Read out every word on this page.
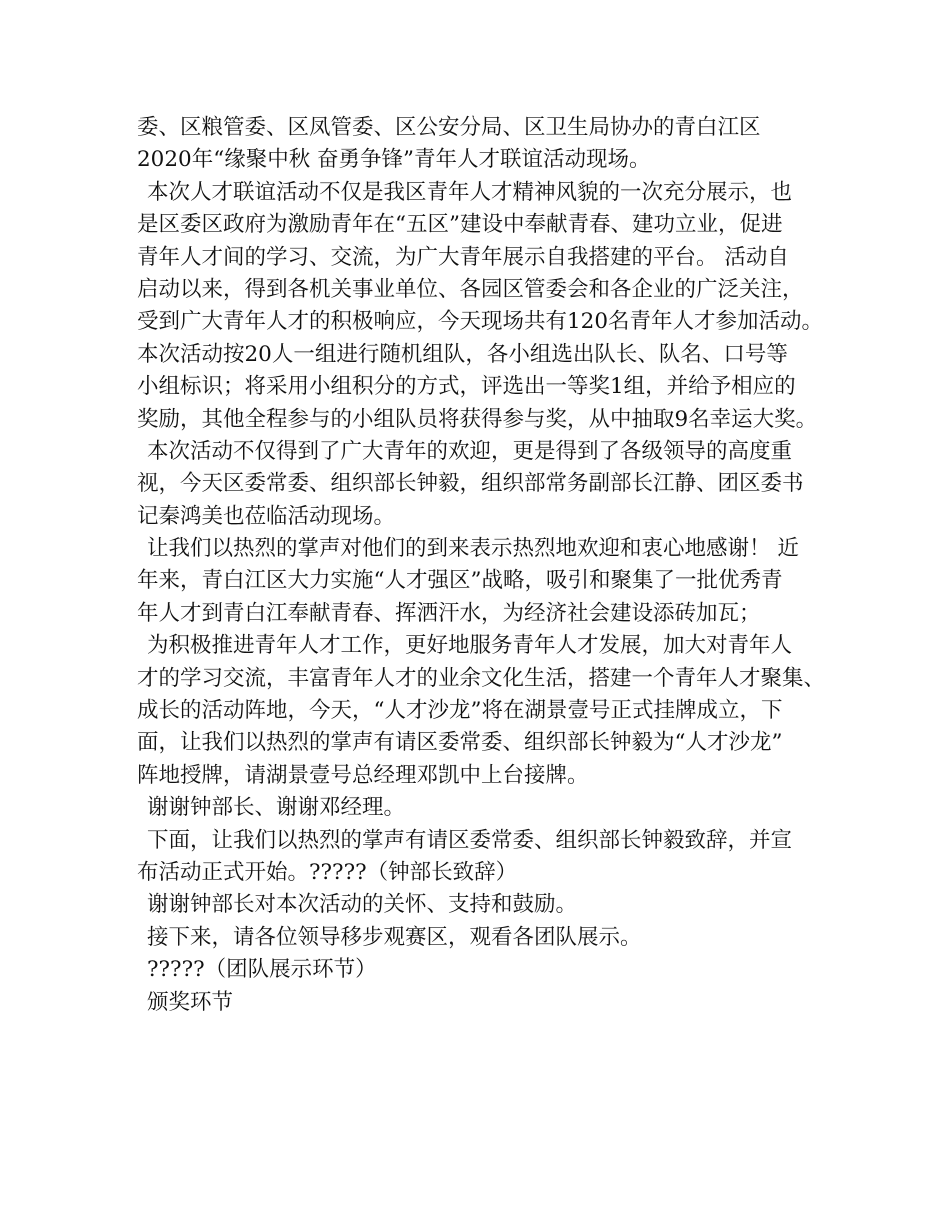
委、区粮管委、区凤管委、区公安分局、区卫生局协办的青白江区
2020年“缘聚中秋 奋勇争锋”青年人才联谊活动现场。
本次人才联谊活动不仅是我区青年人才精神风貌的一次充分展示，也
是区委区政府为激励青年在“五区”建设中奉献青春、建功立业，促进
青年人才间的学习、交流，为广大青年展示自我搭建的平台。 活动自
启动以来，得到各机关事业单位、各园区管委会和各企业的广泛关注，
受到广大青年人才的积极响应，今天现场共有120名青年人才参加活动。
本次活动按20人一组进行随机组队，各小组选出队长、队名、口号等
小组标识；将采用小组积分的方式，评选出一等奖1组，并给予相应的
奖励，其他全程参与的小组队员将获得参与奖，从中抽取9名幸运大奖。
本次活动不仅得到了广大青年的欢迎，更是得到了各级领导的高度重
视，今天区委常委、组织部长钟毅，组织部常务副部长江静、团区委书
记秦鸿美也莅临活动现场。
让我们以热烈的掌声对他们的到来表示热烈地欢迎和衷心地感谢！ 近
年来，青白江区大力实施“人才强区”战略，吸引和聚集了一批优秀青
年人才到青白江奉献青春、挥洒汗水，为经济社会建设添砖加瓦；
为积极推进青年人才工作，更好地服务青年人才发展，加大对青年人
才的学习交流，丰富青年人才的业余文化生活，搭建一个青年人才聚集、
成长的活动阵地，今天，“人才沙龙”将在湖景壹号正式挂牌成立，下
面，让我们以热烈的掌声有请区委常委、组织部长钟毅为“人才沙龙”
阵地授牌，请湖景壹号总经理邓凯中上台接牌。
谢谢钟部长、谢谢邓经理。
下面，让我们以热烈的掌声有请区委常委、组织部长钟毅致辞，并宣
布活动正式开始。?????（钟部长致辞）
谢谢钟部长对本次活动的关怀、支持和鼓励。
接下来，请各位领导移步观赛区，观看各团队展示。
?????（团队展示环节）
颁奖环节
